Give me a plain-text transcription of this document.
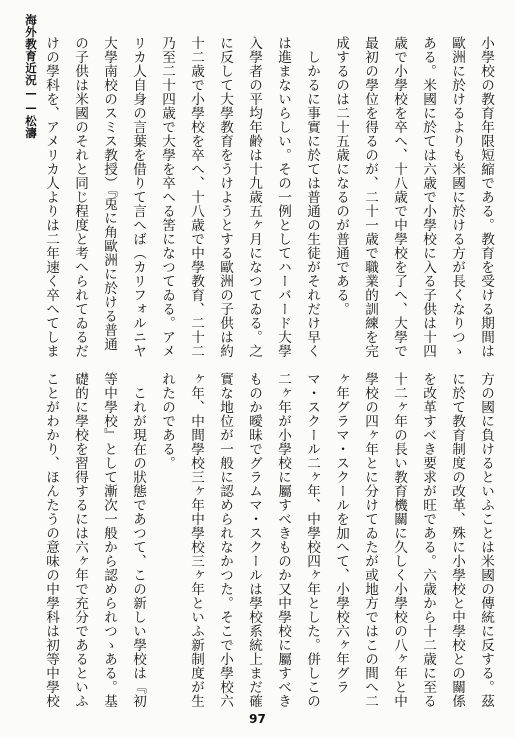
海外教育近況——松濤	小學校の教育年限短縮である。教育を受ける期間は歐洲に於けるよりも米國に於ける方が長くなりつゝある。米國に於ては六歳で小學校に入る子供は十四歳で小學校を卒へ、十八歳で中學校を了へ、大學で最初の學位を得るのが、二十一歳で職業的訓練を完成するのは二十五歳になるのが普通である。

しかるに事實に於ては普通の生徒がそれだけ早くは進まないらしい。その一例としてハーバード大學入學者の平均年齢は十九歳五ヶ月になつてゐる。之に反して大學教育をうけようとする歐洲の子供は約十二歳で小學校を卒へ、十八歳で中學教育、二十二乃至二十四歳で大學を卒へる筈になつてゐる。アメリカ人自身の言葉を借りて言へば（カリフォルニヤ大學南校のスミス教授）『兎に角歐洲に於ける普通の子供は米國のそれと同じ程度と考へられてゐるだけの學科を、アメリカ人よりは二年速く卒へてしま

方の國に負けるといふことは米國の傳統に反する。茲に於て教育制度の改革、殊に小學校と中學校との關係を改革すべき要求が旺である。六歳から十二歳に至る十二ヶ年の長い教育機關に久しく小學校の八ヶ年と中學校の四ヶ年とに分けてゐたが或地方ではこの間へ二ヶ年グラマ・スクールを加へて、小學校六ヶ年グラマ・スクール二ヶ年、中學校四ヶ年とした。併しこの二ヶ年が小學校に屬すべきものか又中學校に屬すべきものか曖昧でグラムマ・スクールは學校系統上まだ確實な地位が一般に認められなかつた。そこで小學校六ヶ年、中間學校三ヶ年中學校三ヶ年といふ新制度が生れたのである。

これが現在の狀態であつて、この新しい學校は『初等中學校』として漸次一般から認められつゝある。基礎的に學校を習得するには六ヶ年で充分であるといふことがわかり、ほんたうの意味の中學科は初等中學校

97
